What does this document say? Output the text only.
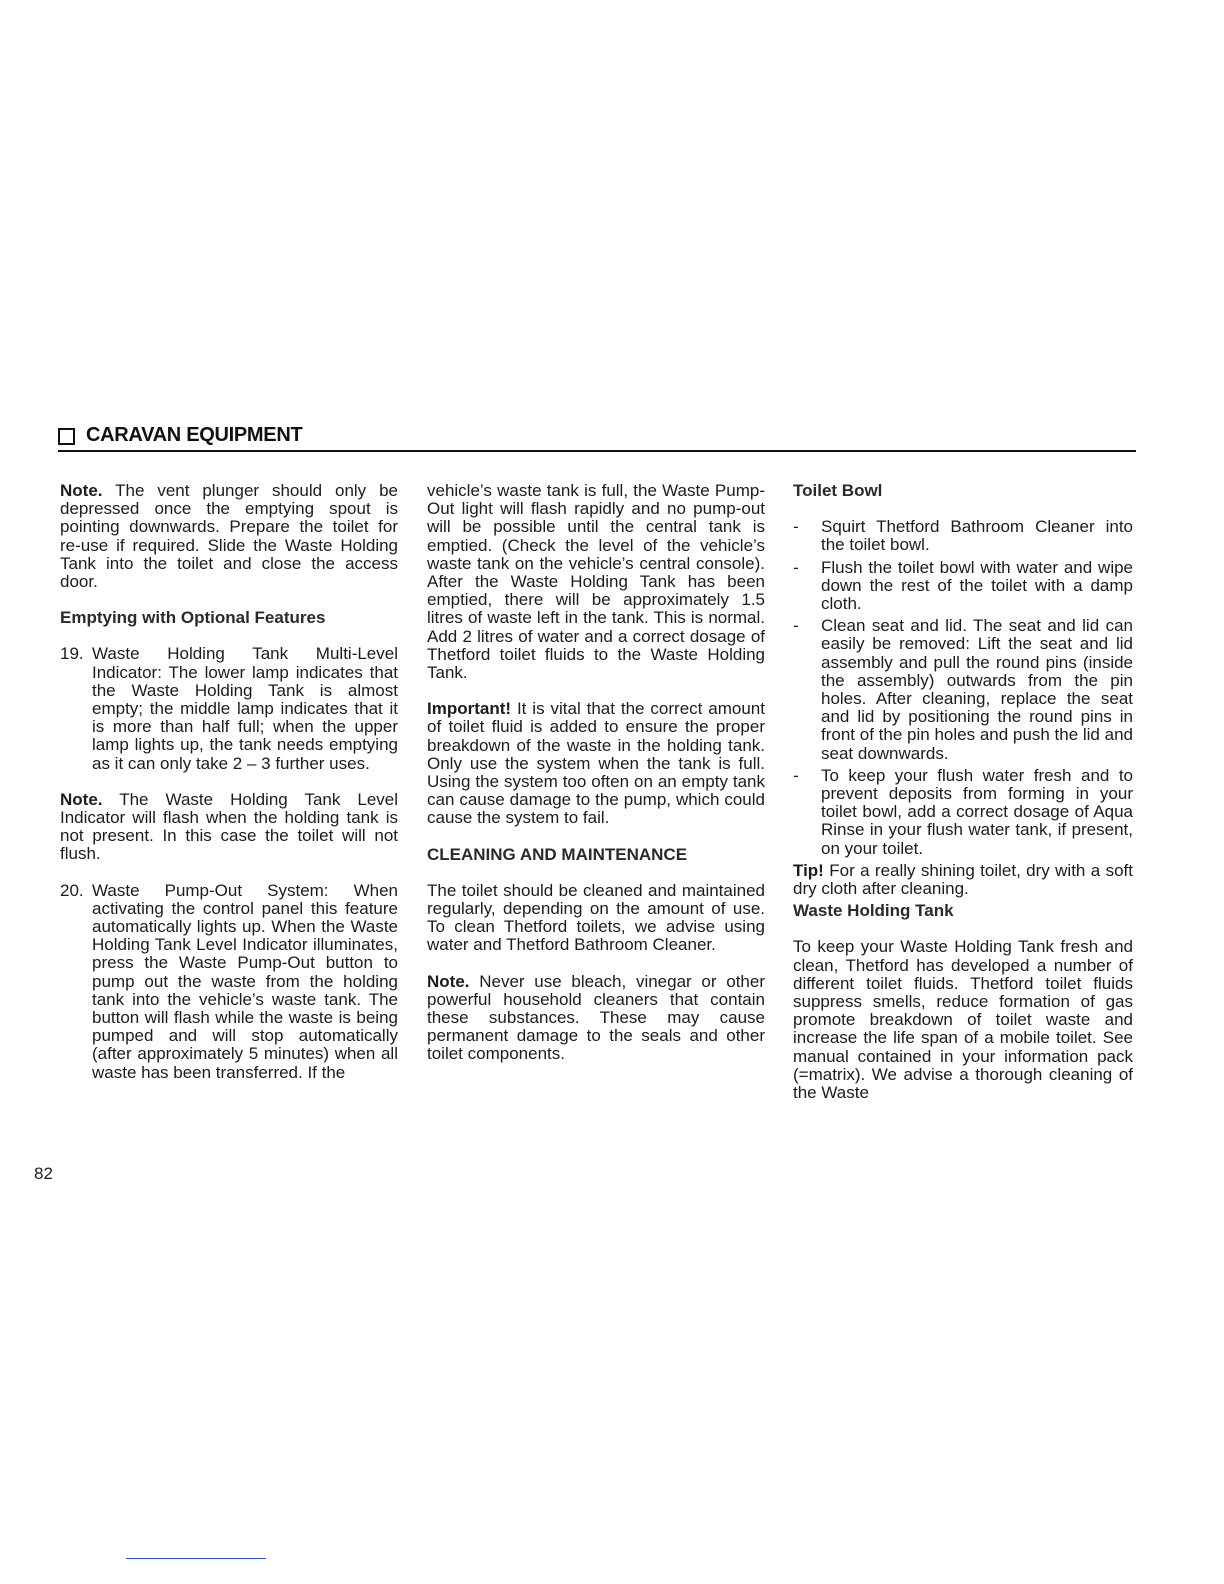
CARAVAN EQUIPMENT

Note. The vent plunger should only be depressed once the emptying spout is pointing downwards. Prepare the toilet for re-use if required. Slide the Waste Holding Tank into the toilet and close the access door.

Emptying with Optional Features
19. Waste Holding Tank Multi-Level Indicator: The lower lamp indicates that the Waste Holding Tank is almost empty; the middle lamp indicates that it is more than half full; when the upper lamp lights up, the tank needs emptying as it can only take 2 – 3 further uses.

Note. The Waste Holding Tank Level Indicator will flash when the holding tank is not present. In this case the toilet will not flush.

20. Waste Pump-Out System: When activating the control panel this feature automatically lights up. When the Waste Holding Tank Level Indicator illuminates, press the Waste Pump-Out button to pump out the waste from the holding tank into the vehicle’s waste tank. The button will flash while the waste is being pumped and will stop automatically (after approximately 5 minutes) when all waste has been transferred. If the

vehicle’s waste tank is full, the Waste Pump-Out light will flash rapidly and no pump-out will be possible until the central tank is emptied. (Check the level of the vehicle’s waste tank on the vehicle’s central console). After the Waste Holding Tank has been emptied, there will be approximately 1.5 litres of waste left in the tank. This is normal. Add 2 litres of water and a correct dosage of Thetford toilet fluids to the Waste Holding Tank.

Important! It is vital that the correct amount of toilet fluid is added to ensure the proper breakdown of the waste in the holding tank. Only use the system when the tank is full. Using the system too often on an empty tank can cause damage to the pump, which could cause the system to fail.

CLEANING AND MAINTENANCE

The toilet should be cleaned and maintained regularly, depending on the amount of use. To clean Thetford toilets, we advise using water and Thetford Bathroom Cleaner.

Note. Never use bleach, vinegar or other powerful household cleaners that contain these substances. These may cause permanent damage to the seals and other toilet components.

Toilet Bowl
-	Squirt Thetford Bathroom Cleaner into the toilet bowl.
-	Flush the toilet bowl with water and wipe down the rest of the toilet with a damp cloth.
-	Clean seat and lid. The seat and lid can easily be removed: Lift the seat and lid assembly and pull the round pins (inside the assembly) outwards from the pin holes. After cleaning, replace the seat and lid by positioning the round pins in front of the pin holes and push the lid and seat downwards.
-	To keep your flush water fresh and to prevent deposits from forming in your toilet bowl, add a correct dosage of Aqua Rinse in your flush water tank, if present, on your toilet.

Tip! For a really shining toilet, dry with a soft dry cloth after cleaning.

Waste Holding Tank

To keep your Waste Holding Tank fresh and clean, Thetford has developed a number of different toilet fluids. Thetford toilet fluids suppress smells, reduce formation of gas promote breakdown of toilet waste and increase the life span of a mobile toilet. See manual contained in your information pack (=matrix). We advise a thorough cleaning of the Waste

82
